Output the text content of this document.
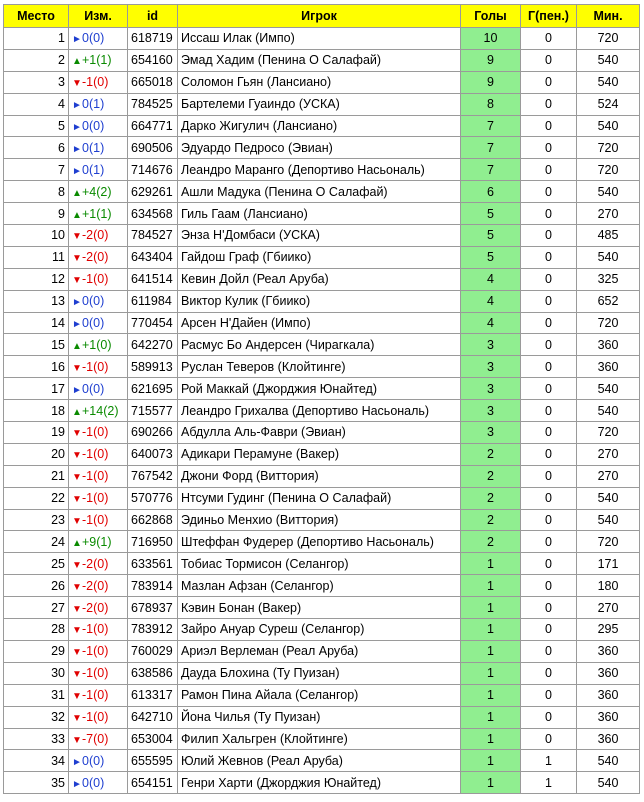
Место	Изм.	id	Игрок	Голы	Г(пен.)	Мин.
1	►0(0)	618719	Иссаш Илак (Импо)	10	0	720
2	▲+1(1)	654160	Эмад Хадим (Пенина О Салафай)	9	0	540
3	▼-1(0)	665018	Соломон Гьян (Лансиано)	9	0	540
4	►0(1)	784525	Бартелеми Гуаиндо (УСКА)	8	0	524
5	►0(0)	664771	Дарко Жигулич (Лансиано)	7	0	540
6	►0(1)	690506	Эдуардо Педросо (Эвиан)	7	0	720
7	►0(1)	714676	Леандро Маранго (Депортиво Насьональ)	7	0	720
8	▲+4(2)	629261	Ашли Мадука (Пенина О Салафай)	6	0	540
9	▲+1(1)	634568	Гиль Гаам (Лансиано)	5	0	270
10	▼-2(0)	784527	Энза Н'Домбаси (УСКА)	5	0	485
11	▼-2(0)	643404	Гайдош Граф (Гбиико)	5	0	540
12	▼-1(0)	641514	Кевин Дойл (Реал Аруба)	4	0	325
13	►0(0)	611984	Виктор Кулик (Гбиико)	4	0	652
14	►0(0)	770454	Арсен Н'Дайен (Импо)	4	0	720
15	▲+1(0)	642270	Расмус Бо Андерсен (Чирагкала)	3	0	360
16	▼-1(0)	589913	Руслан Теверов (Клойтинге)	3	0	360
17	►0(0)	621695	Рой Маккай (Джорджия Юнайтед)	3	0	540
18	▲+14(2)	715577	Леандро Грихалва (Депортиво Насьональ)	3	0	540
19	▼-1(0)	690266	Абдулла Аль-Фаври (Эвиан)	3	0	720
20	▼-1(0)	640073	Адикари Перамуне (Вакер)	2	0	270
21	▼-1(0)	767542	Джони Форд (Виттория)	2	0	270
22	▼-1(0)	570776	Нтсуми Гудинг (Пенина О Салафай)	2	0	540
23	▼-1(0)	662868	Эдиньо Менхио (Виттория)	2	0	540
24	▲+9(1)	716950	Штеффан Фудерер (Депортиво Насьональ)	2	0	720
25	▼-2(0)	633561	Тобиас Тормисон (Селангор)	1	0	171
26	▼-2(0)	783914	Мазлан Афзан (Селангор)	1	0	180
27	▼-2(0)	678937	Кэвин Бонан (Вакер)	1	0	270
28	▼-1(0)	783912	Зайро Ануар Суреш (Селангор)	1	0	295
29	▼-1(0)	760029	Ариэл Верлеман (Реал Аруба)	1	0	360
30	▼-1(0)	638586	Дауда Блохина (Ту Пуизан)	1	0	360
31	▼-1(0)	613317	Рамон Пина Айала (Селангор)	1	0	360
32	▼-1(0)	642710	Йона Чилья (Ту Пуизан)	1	0	360
33	▼-7(0)	653004	Филип Хальгрен (Клойтинге)	1	0	360
34	►0(0)	655595	Юлий Жевнов (Реал Аруба)	1	1	540
35	►0(0)	654151	Генри Харти (Джорджия Юнайтед)	1	1	540
